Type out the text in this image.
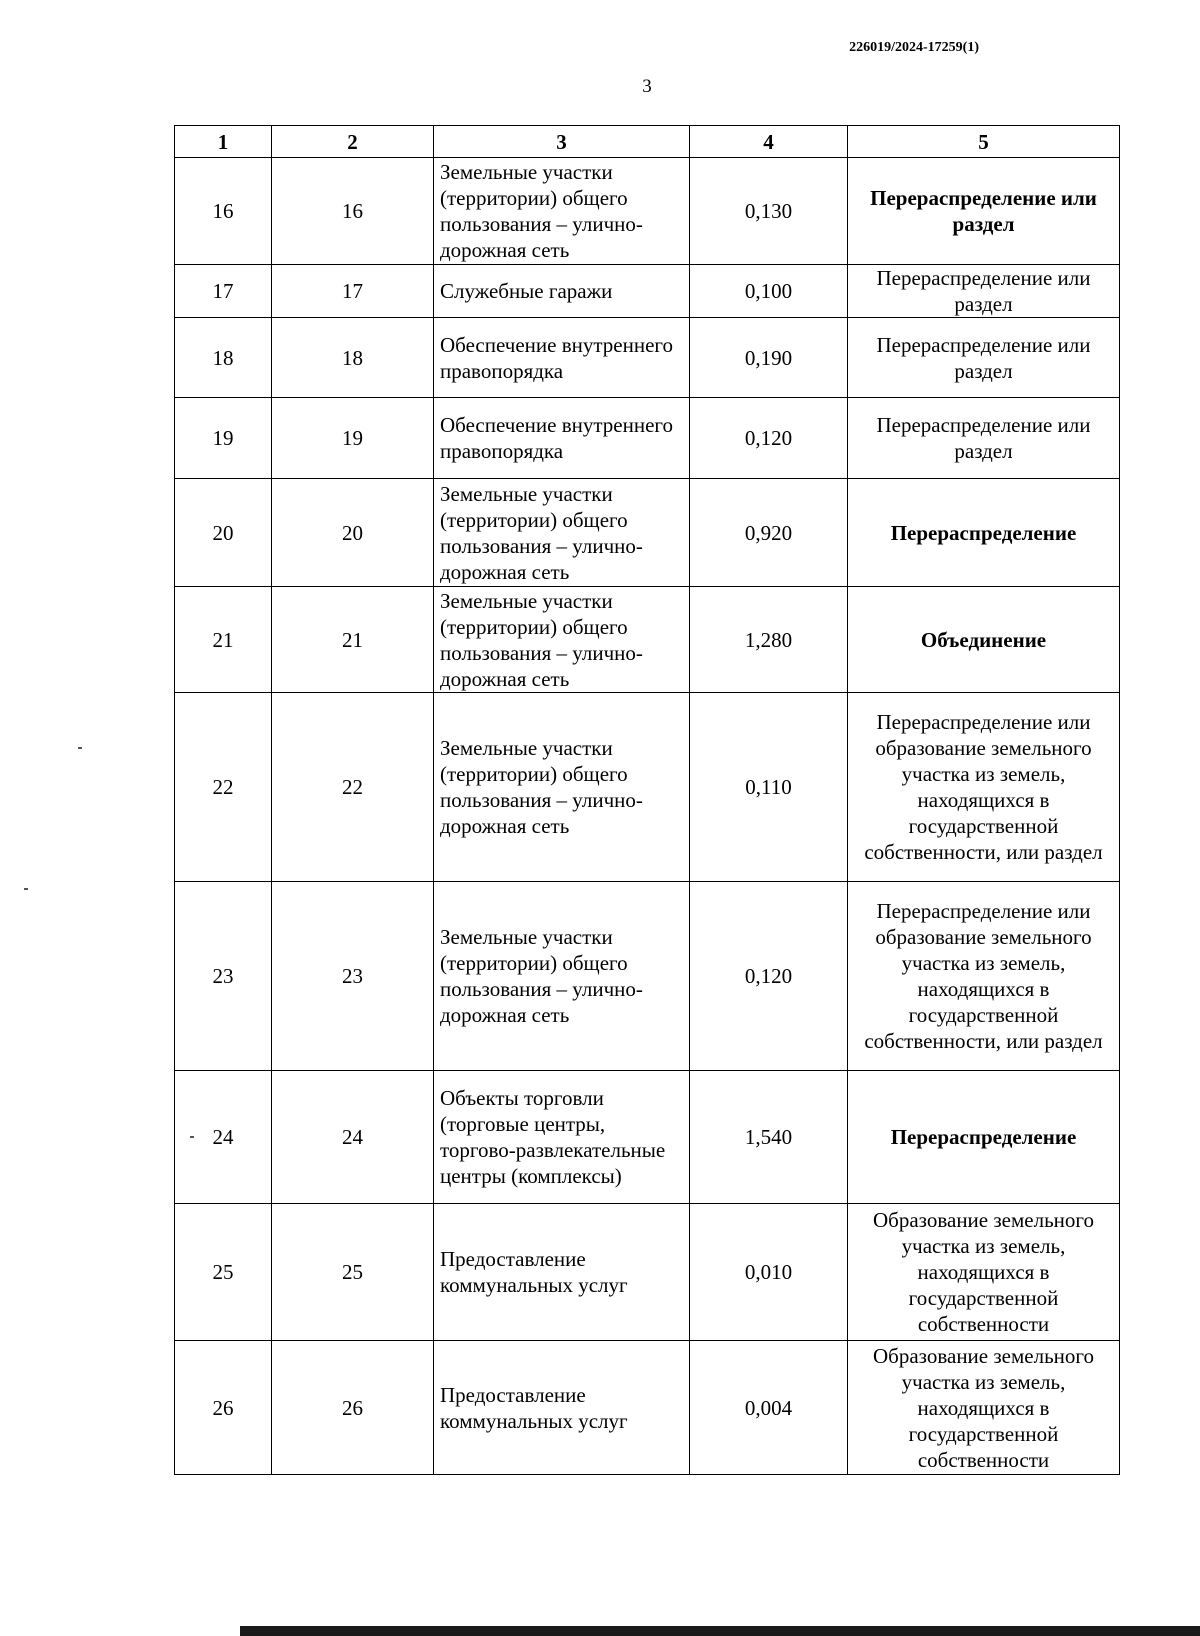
226019/2024-17259(1)
3
1	2	3	4	5
16	16	Земельные участки (территории) общего пользования – улично-дорожная сеть	0,130	Перераспределение или раздел
17	17	Служебные гаражи	0,100	Перераспределение или раздел
18	18	Обеспечение внутреннего правопорядка	0,190	Перераспределение или раздел
19	19	Обеспечение внутреннего правопорядка	0,120	Перераспределение или раздел
20	20	Земельные участки (территории) общего пользования – улично-дорожная сеть	0,920	Перераспределение
21	21	Земельные участки (территории) общего пользования – улично-дорожная сеть	1,280	Объединение
22	22	Земельные участки (территории) общего пользования – улично-дорожная сеть	0,110	Перераспределение или образование земельного участка из земель, находящихся в государственной собственности, или раздел
23	23	Земельные участки (территории) общего пользования – улично-дорожная сеть	0,120	Перераспределение или образование земельного участка из земель, находящихся в государственной собственности, или раздел
24	24	Объекты торговли (торговые центры, торгово-развлекательные центры (комплексы)	1,540	Перераспределение
25	25	Предоставление коммунальных услуг	0,010	Образование земельного участка из земель, находящихся в государственной собственности
26	26	Предоставление коммунальных услуг	0,004	Образование земельного участка из земель, находящихся в государственной собственности
